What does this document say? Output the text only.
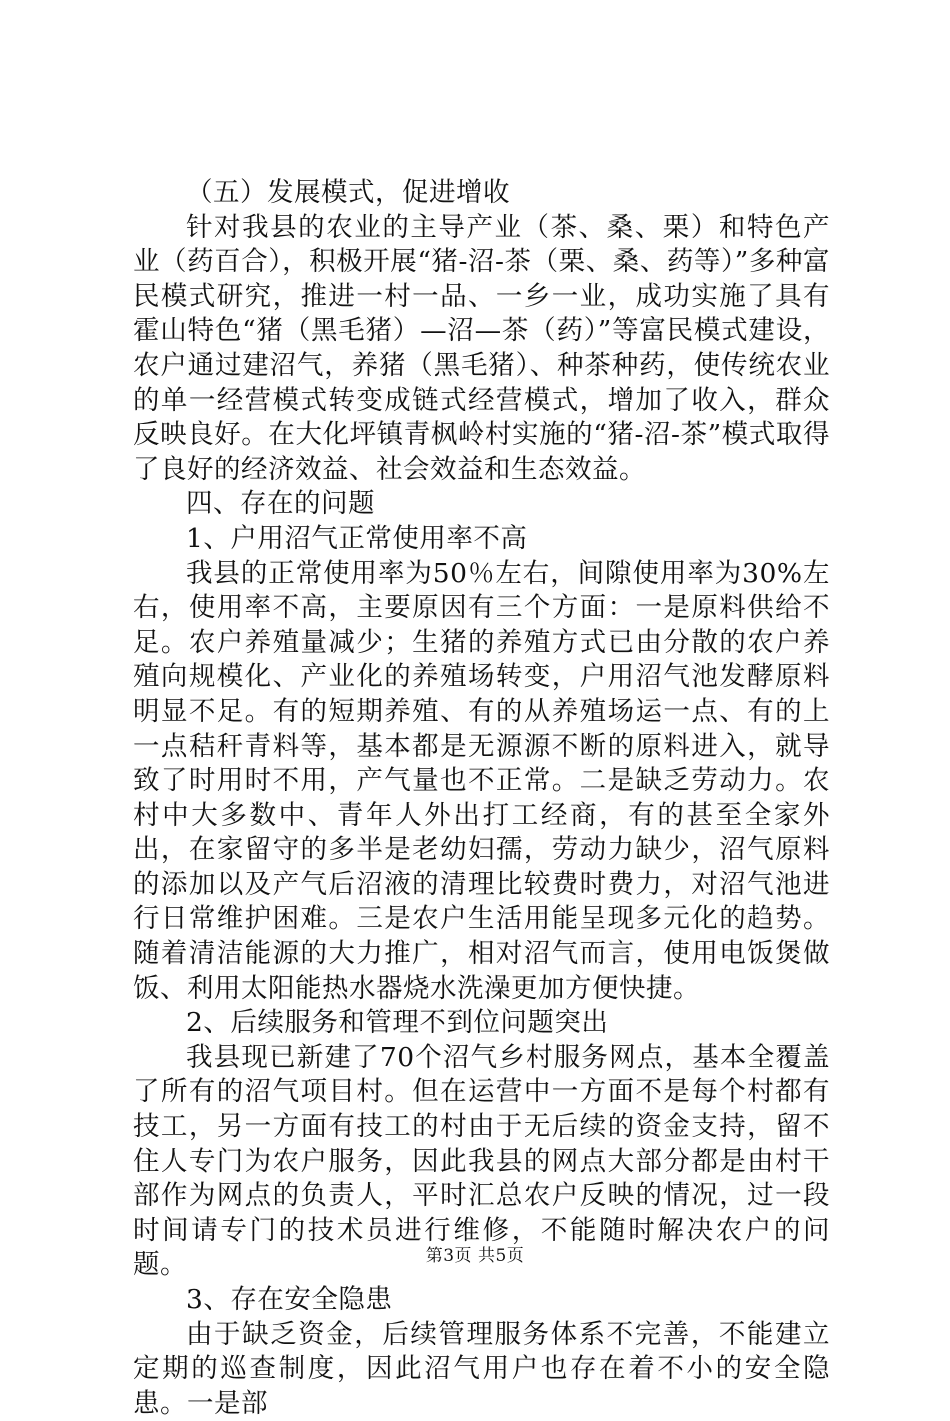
（五）发展模式，促进增收

针对我县的农业的主导产业（茶、桑、栗）和特色产业（药百合），积极开展“猪-沼-茶（栗、桑、药等）”多种富民模式研究，推进一村一品、一乡一业，成功实施了具有霍山特色“猪（黑毛猪）—沼—茶（药）”等富民模式建设，农户通过建沼气，养猪（黑毛猪）、种茶种药，使传统农业的单一经营模式转变成链式经营模式，增加了收入，群众反映良好。在大化坪镇青枫岭村实施的“猪-沼-茶”模式取得了良好的经济效益、社会效益和生态效益。

四、存在的问题

1、户用沼气正常使用率不高

我县的正常使用率为50％左右，间隙使用率为30%左右，使用率不高，主要原因有三个方面：一是原料供给不足。农户养殖量减少；生猪的养殖方式已由分散的农户养殖向规模化、产业化的养殖场转变，户用沼气池发酵原料明显不足。有的短期养殖、有的从养殖场运一点、有的上一点秸秆青料等，基本都是无源源不断的原料进入，就导致了时用时不用，产气量也不正常。二是缺乏劳动力。农村中大多数中、青年人外出打工经商，有的甚至全家外出，在家留守的多半是老幼妇孺，劳动力缺少，沼气原料的添加以及产气后沼液的清理比较费时费力，对沼气池进行日常维护困难。三是农户生活用能呈现多元化的趋势。随着清洁能源的大力推广，相对沼气而言，使用电饭煲做饭、利用太阳能热水器烧水洗澡更加方便快捷。

2、后续服务和管理不到位问题突出

我县现已新建了70个沼气乡村服务网点，基本全覆盖了所有的沼气项目村。但在运营中一方面不是每个村都有技工，另一方面有技工的村由于无后续的资金支持，留不住人专门为农户服务，因此我县的网点大部分都是由村干部作为网点的负责人，平时汇总农户反映的情况，过一段时间请专门的技术员进行维修，不能随时解决农户的问题。

3、存在安全隐患

由于缺乏资金，后续管理服务体系不完善，不能建立定期的巡查制度，因此沼气用户也存在着不小的安全隐患。一是部

第3页 共5页
